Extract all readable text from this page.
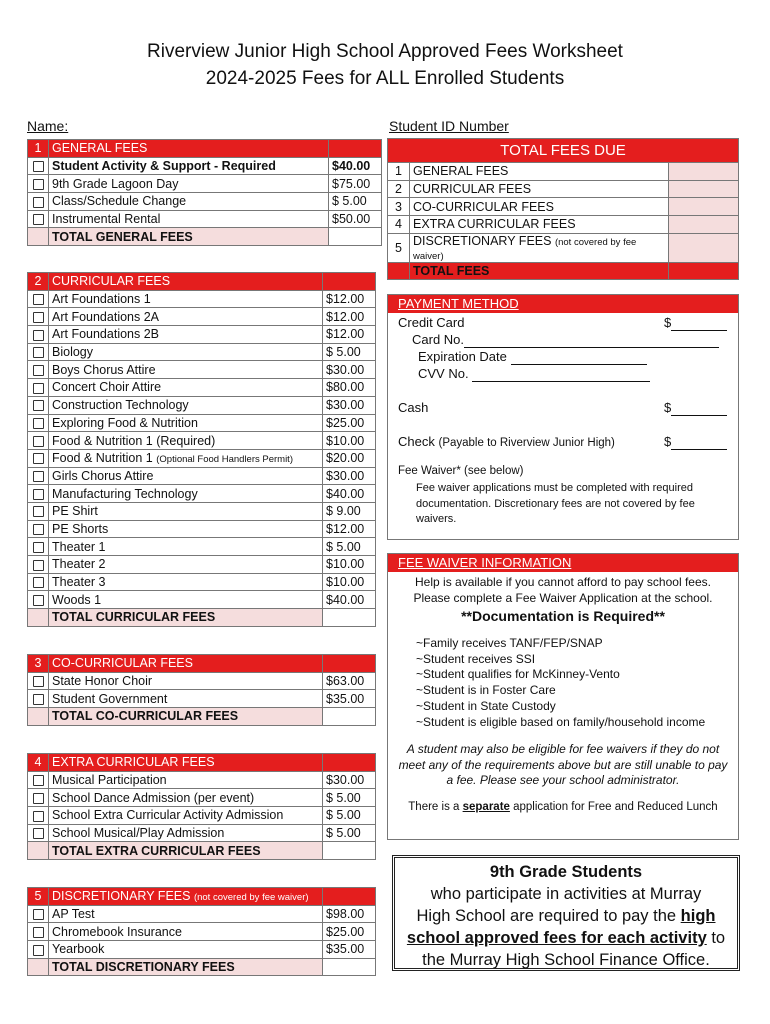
Riverview Junior High School Approved Fees Worksheet
2024-2025 Fees for ALL Enrolled Students
Name:	Student ID Number
1	GENERAL FEES	
	Student Activity & Support - Required	$40.00
	9th Grade Lagoon Day	$75.00
	Class/Schedule Change	$ 5.00
	Instrumental Rental	$50.00
	TOTAL GENERAL FEES	
2	CURRICULAR FEES	
	Art Foundations 1	$12.00
	Art Foundations 2A	$12.00
	Art Foundations 2B	$12.00
	Biology	$ 5.00
	Boys Chorus Attire	$30.00
	Concert Choir Attire	$80.00
	Construction Technology	$30.00
	Exploring Food & Nutrition	$25.00
	Food & Nutrition 1 (Required)	$10.00
	Food & Nutrition 1 (Optional Food Handlers Permit)	$20.00
	Girls Chorus Attire	$30.00
	Manufacturing Technology	$40.00
	PE Shirt	$ 9.00
	PE Shorts	$12.00
	Theater 1	$ 5.00
	Theater 2	$10.00
	Theater 3	$10.00
	Woods 1	$40.00
	TOTAL CURRICULAR FEES	
3	CO-CURRICULAR FEES	
	State Honor Choir	$63.00
	Student Government	$35.00
	TOTAL CO-CURRICULAR FEES	
4	EXTRA CURRICULAR FEES	
	Musical Participation	$30.00
	School Dance Admission (per event)	$ 5.00
	School Extra Curricular Activity Admission	$ 5.00
	School Musical/Play Admission	$ 5.00
	TOTAL EXTRA CURRICULAR FEES	
5	DISCRETIONARY FEES (not covered by fee waiver)	
	AP Test	$98.00
	Chromebook Insurance	$25.00
	Yearbook	$35.00
	TOTAL DISCRETIONARY FEES	
TOTAL FEES DUE		
1	GENERAL FEES	
2	CURRICULAR FEES	
3	CO-CURRICULAR FEES	
4	EXTRA CURRICULAR FEES	
5	DISCRETIONARY FEES (not covered by fee waiver)	
	TOTAL FEES	
PAYMENT METHOD
Credit Card	$
Card No.
Expiration Date
CVV No.
Cash	$
Check (Payable to Riverview Junior High)	$
Fee Waiver* (see below)
Fee waiver applications must be completed with required documentation. Discretionary fees are not covered by fee waivers.
FEE WAIVER INFORMATION

Help is available if you cannot afford to pay school fees.

Please complete a Fee Waiver Application at the school.

**Documentation is Required**

~Family receives TANF/FEP/SNAP
~Student receives SSI
~Student qualifies for McKinney-Vento
~Student is in Foster Care
~Student in State Custody
~Student is eligible based on family/household income

A student may also be eligible for fee waivers if they do not meet any of the requirements above but are still unable to pay a fee. Please see your school administrator.

There is a separate application for Free and Reduced Lunch

9th Grade Students
who participate in activities at Murray
High School are required to pay the high
school approved fees for each activity to
the Murray High School Finance Office.
